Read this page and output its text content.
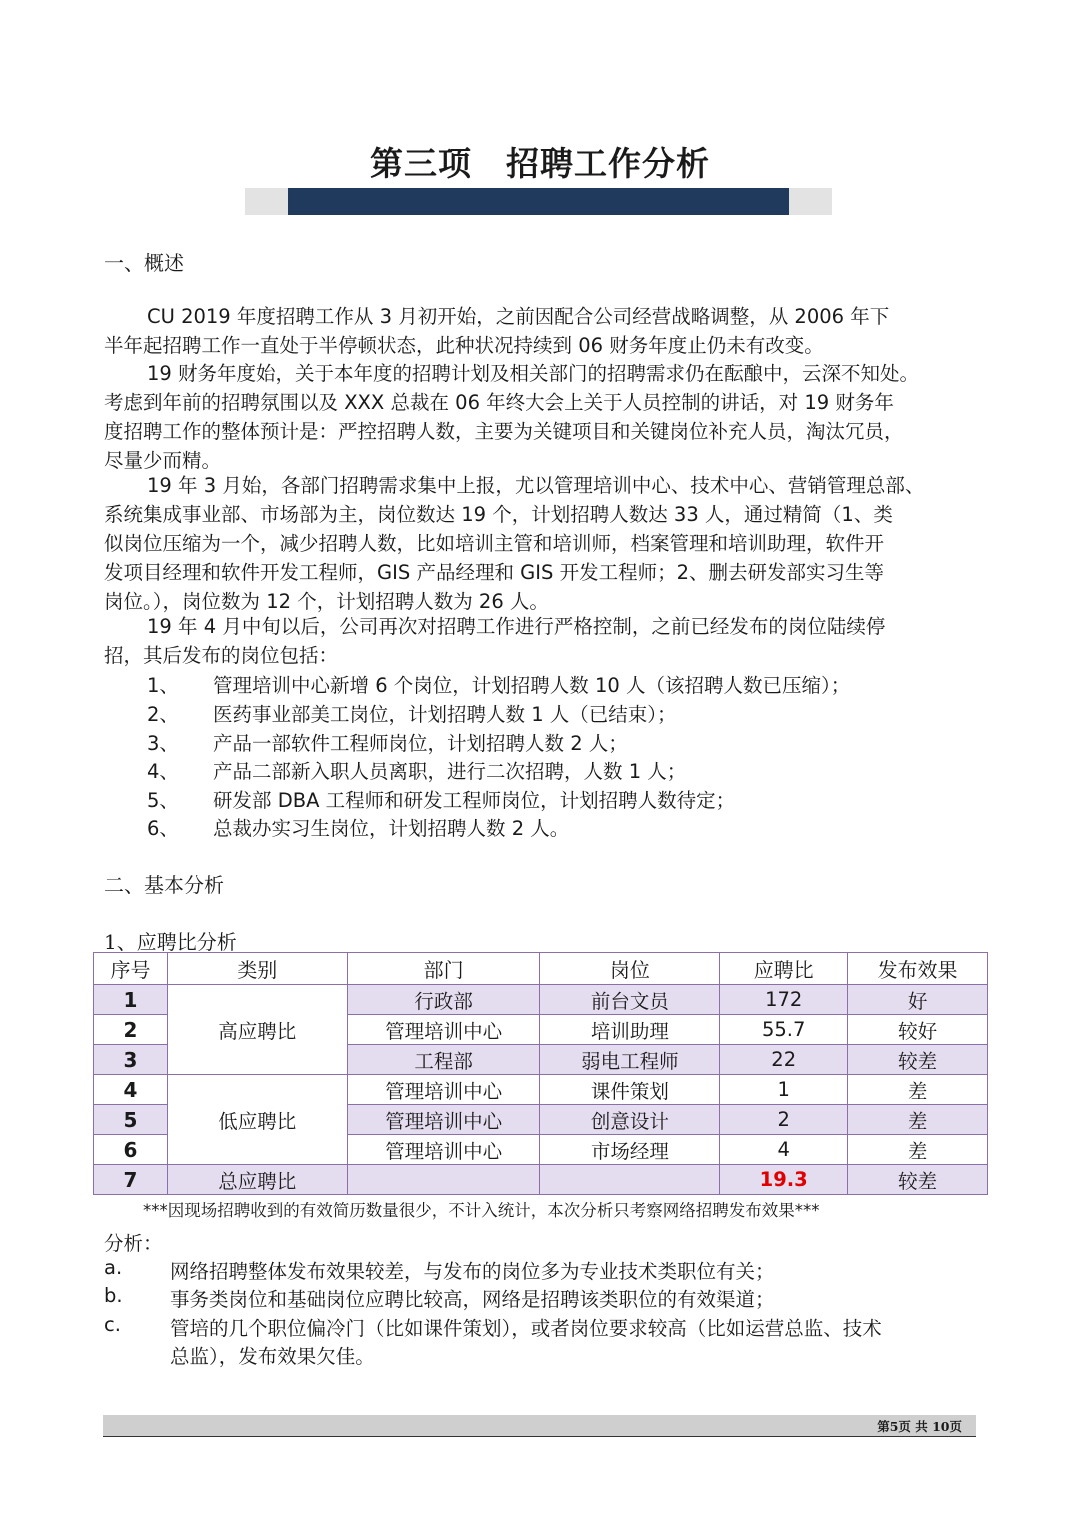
第三项　招聘工作分析
一、概述
CU 2019 年度招聘工作从 3 月初开始，之前因配合公司经营战略调整，从 2006 年下
半年起招聘工作一直处于半停顿状态，此种状况持续到 06 财务年度止仍未有改变。
19 财务年度始，关于本年度的招聘计划及相关部门的招聘需求仍在酝酿中，云深不知处。
考虑到年前的招聘氛围以及 XXX 总裁在 06 年终大会上关于人员控制的讲话，对 19 财务年
度招聘工作的整体预计是：严控招聘人数，主要为关键项目和关键岗位补充人员，淘汰冗员，
尽量少而精。
19 年 3 月始，各部门招聘需求集中上报，尤以管理培训中心、技术中心、营销管理总部、
系统集成事业部、市场部为主，岗位数达 19 个，计划招聘人数达 33 人，通过精简（1、类
似岗位压缩为一个，减少招聘人数，比如培训主管和培训师，档案管理和培训助理，软件开
发项目经理和软件开发工程师，GIS 产品经理和 GIS 开发工程师；2、删去研发部实习生等
岗位。），岗位数为 12 个，计划招聘人数为 26 人。
19 年 4 月中旬以后，公司再次对招聘工作进行严格控制，之前已经发布的岗位陆续停
招，其后发布的岗位包括：
1、 管理培训中心新增 6 个岗位，计划招聘人数 10 人（该招聘人数已压缩）；
2、 医药事业部美工岗位，计划招聘人数 1 人（已结束）；
3、 产品一部软件工程师岗位，计划招聘人数 2 人；
4、 产品二部新入职人员离职，进行二次招聘，人数 1 人；
5、 研发部 DBA 工程师和研发工程师岗位，计划招聘人数待定；
6、 总裁办实习生岗位，计划招聘人数 2 人。
二、基本分析
1、应聘比分析
序号	类别	部门	岗位	应聘比	发布效果
1	高应聘比	行政部	前台文员	172	好
2		管理培训中心	培训助理	55.7	较好
3		工程部	弱电工程师	22	较差
4	低应聘比	管理培训中心	课件策划	1	差
5		管理培训中心	创意设计	2	差
6		管理培训中心	市场经理	4	差
7	总应聘比			19.3	较差
***因现场招聘收到的有效简历数量很少，不计入统计，本次分析只考察网络招聘发布效果***
分析：
a. 网络招聘整体发布效果较差，与发布的岗位多为专业技术类职位有关；
b. 事务类岗位和基础岗位应聘比较高，网络是招聘该类职位的有效渠道；
c.	管培的几个职位偏冷门（比如课件策划），或者岗位要求较高（比如运营总监、技术
总监），发布效果欠佳。
第5页 共 10页
